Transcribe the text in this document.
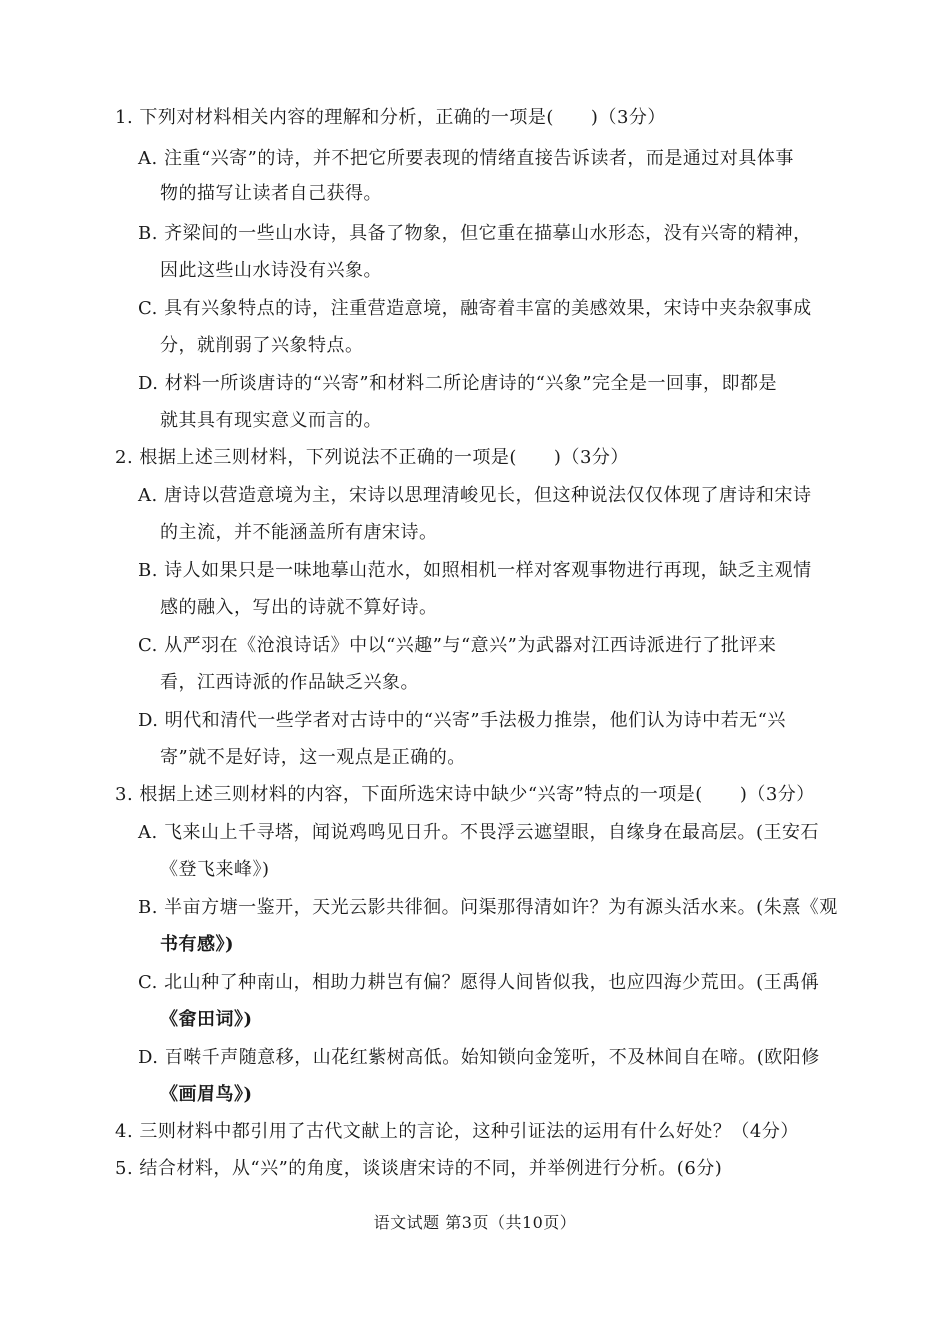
1. 下列对材料相关内容的理解和分析，正确的一项是(　　)（3分）
A. 注重“兴寄”的诗，并不把它所要表现的情绪直接告诉读者，而是通过对具体事
物的描写让读者自己获得。
B. 齐梁间的一些山水诗，具备了物象，但它重在描摹山水形态，没有兴寄的精神，
因此这些山水诗没有兴象。
C. 具有兴象特点的诗，注重营造意境，融寄着丰富的美感效果，宋诗中夹杂叙事成
分，就削弱了兴象特点。
D. 材料一所谈唐诗的“兴寄”和材料二所论唐诗的“兴象”完全是一回事，即都是
就其具有现实意义而言的。
2. 根据上述三则材料，下列说法不正确的一项是(　　)（3分）
A. 唐诗以营造意境为主，宋诗以思理清峻见长，但这种说法仅仅体现了唐诗和宋诗
的主流，并不能涵盖所有唐宋诗。
B. 诗人如果只是一味地摹山范水，如照相机一样对客观事物进行再现，缺乏主观情
感的融入，写出的诗就不算好诗。
C. 从严羽在《沧浪诗话》中以“兴趣”与“意兴”为武器对江西诗派进行了批评来
看，江西诗派的作品缺乏兴象。
D. 明代和清代一些学者对古诗中的“兴寄”手法极力推崇，他们认为诗中若无“兴
寄”就不是好诗，这一观点是正确的。
3. 根据上述三则材料的内容，下面所选宋诗中缺少“兴寄”特点的一项是(　　)（3分）
A. 飞来山上千寻塔，闻说鸡鸣见日升。不畏浮云遮望眼，自缘身在最高层。(王安石
《登飞来峰》)
B. 半亩方塘一鉴开，天光云影共徘徊。问渠那得清如许？为有源头活水来。(朱熹《观
书有感》)
C. 北山种了种南山，相助力耕岂有偏？愿得人间皆似我，也应四海少荒田。(王禹偁
《畲田词》)
D. 百啭千声随意移，山花红紫树高低。始知锁向金笼听，不及林间自在啼。(欧阳修
《画眉鸟》)
4. 三则材料中都引用了古代文献上的言论，这种引证法的运用有什么好处？（4分）
5. 结合材料，从“兴”的角度，谈谈唐宋诗的不同，并举例进行分析。(6分)
语文试题 第3页（共10页）
